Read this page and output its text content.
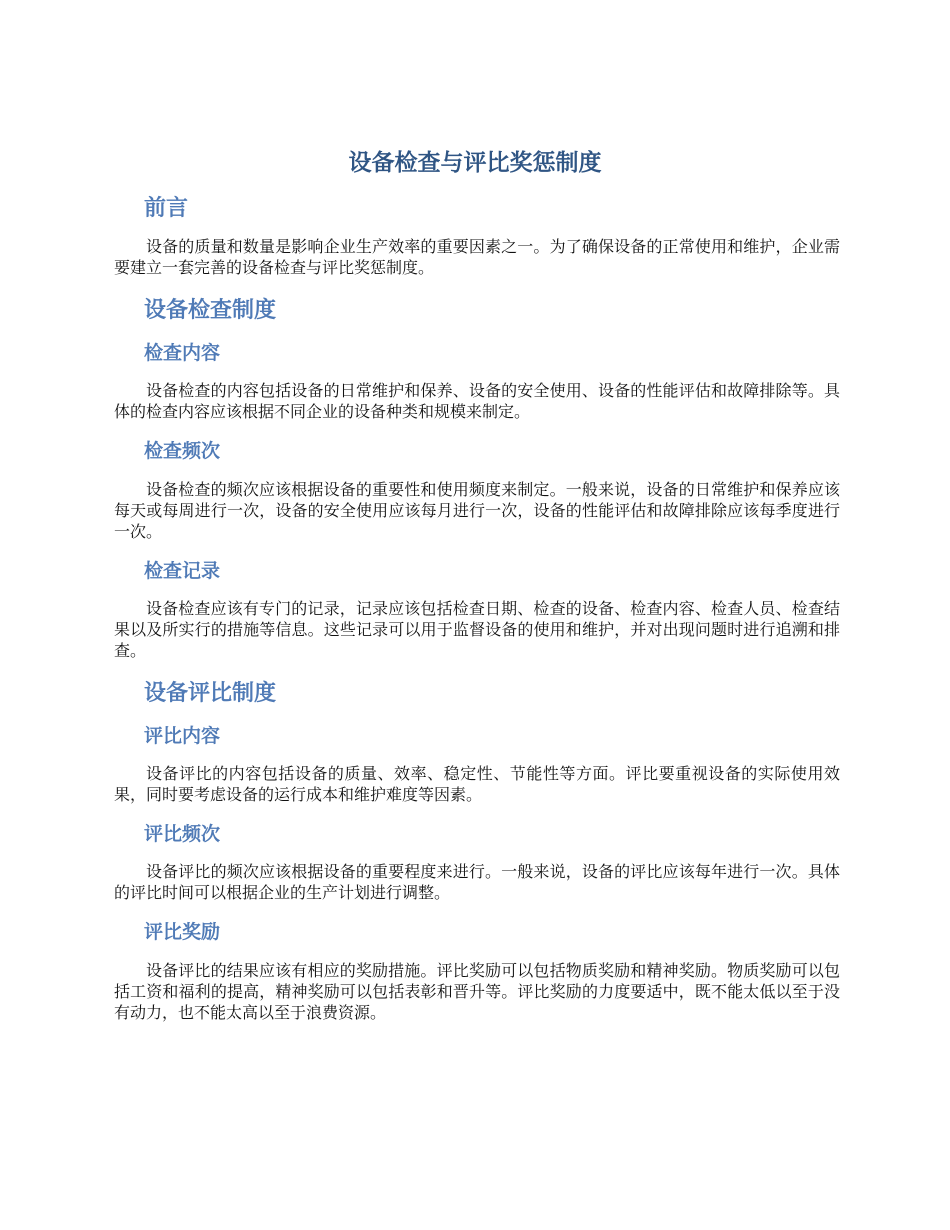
设备检查与评比奖惩制度
前言

设备的质量和数量是影响企业生产效率的重要因素之一。为了确保设备的正常使用和维护，企业需要建立一套完善的设备检查与评比奖惩制度。

设备检查制度
检查内容

设备检查的内容包括设备的日常维护和保养、设备的安全使用、设备的性能评估和故障排除等。具体的检查内容应该根据不同企业的设备种类和规模来制定。

检查频次

设备检查的频次应该根据设备的重要性和使用频度来制定。一般来说，设备的日常维护和保养应该每天或每周进行一次，设备的安全使用应该每月进行一次，设备的性能评估和故障排除应该每季度进行一次。

检查记录

设备检查应该有专门的记录，记录应该包括检查日期、检查的设备、检查内容、检查人员、检查结果以及所实行的措施等信息。这些记录可以用于监督设备的使用和维护，并对出现问题时进行追溯和排查。

设备评比制度
评比内容

设备评比的内容包括设备的质量、效率、稳定性、节能性等方面。评比要重视设备的实际使用效果，同时要考虑设备的运行成本和维护难度等因素。

评比频次

设备评比的频次应该根据设备的重要程度来进行。一般来说，设备的评比应该每年进行一次。具体的评比时间可以根据企业的生产计划进行调整。

评比奖励

设备评比的结果应该有相应的奖励措施。评比奖励可以包括物质奖励和精神奖励。物质奖励可以包括工资和福利的提高，精神奖励可以包括表彰和晋升等。评比奖励的力度要适中，既不能太低以至于没有动力，也不能太高以至于浪费资源。
